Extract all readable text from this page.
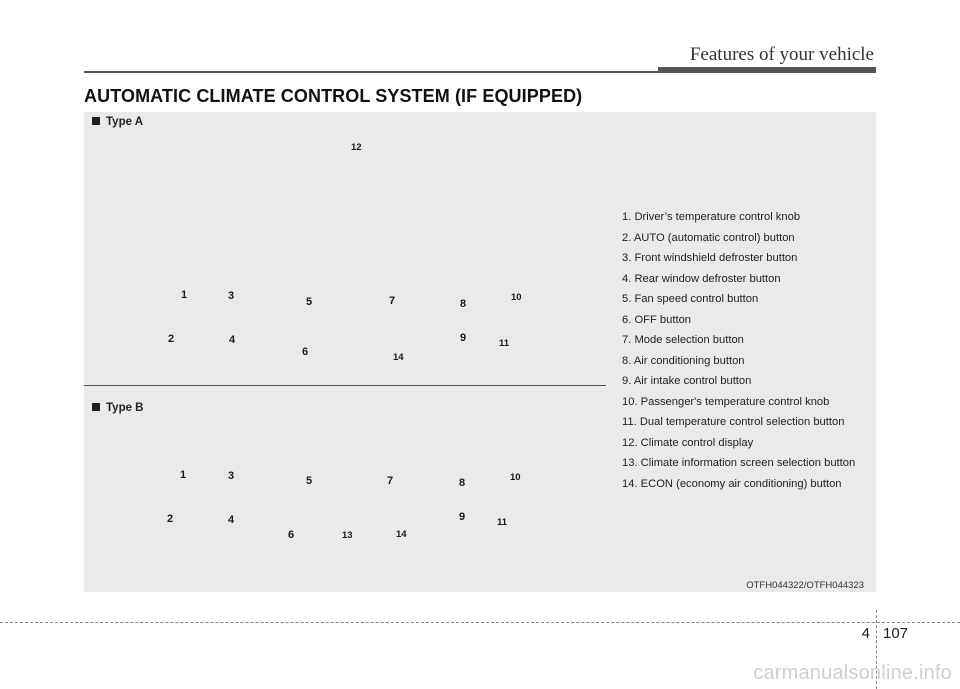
Features of your vehicle
AUTOMATIC CLIMATE CONTROL SYSTEM (IF EQUIPPED)
Type A
12
1	3	5	7	8
10
2	4
6	14
9	11
Type B
1	3	5	7	8	10
2	4
6	13	14
9	11
1. Driver’s temperature control knob
2. AUTO (automatic control) button
3. Front windshield defroster button
4. Rear window defroster button
5. Fan speed control button
6. OFF button
7. Mode selection button
8. Air conditioning button
9. Air intake control button
10. Passenger's temperature control knob
11. Dual temperature control selection button
12. Climate control display
13. Climate information screen selection button
14. ECON (economy air conditioning) button
OTFH044322/OTFH044323
4 107
carmanualsonline.info
